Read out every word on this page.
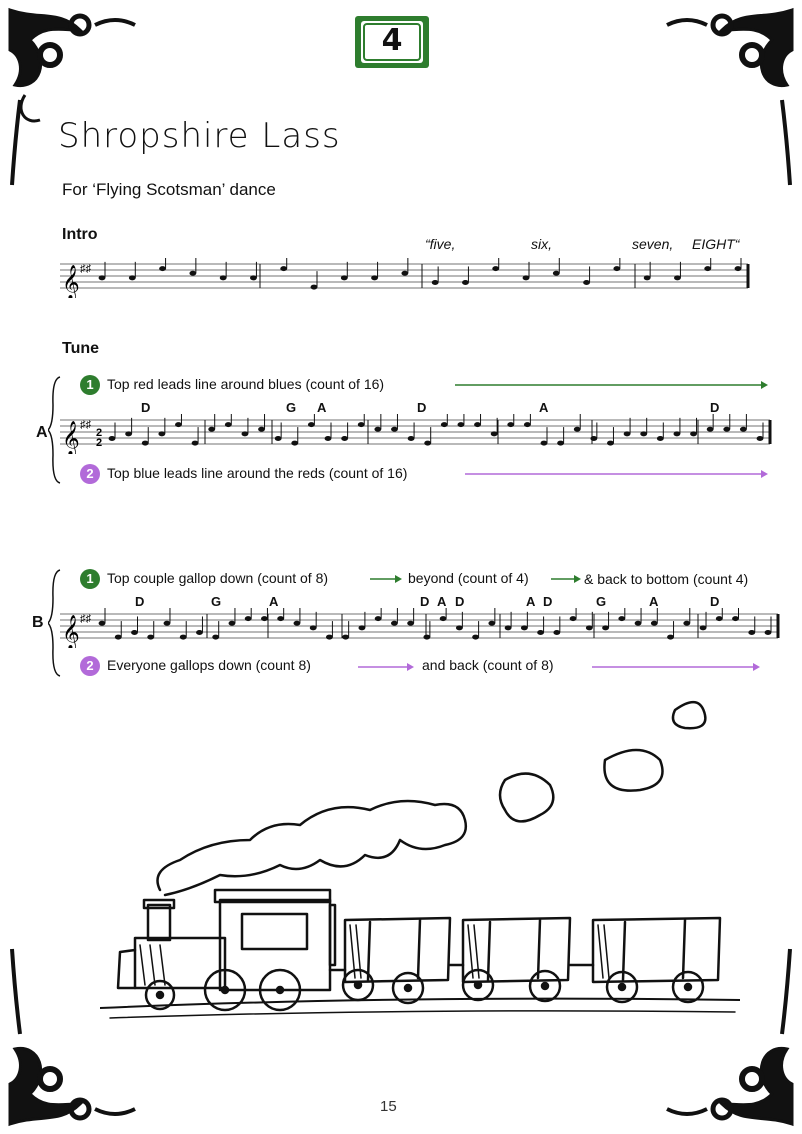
4
Shropshire Lass
For ‘Flying Scotsman’ dance
Intro
“five,	six,	seven, EIGHT“
𝄞 ♯♯
Tune
1 Top red leads line around blues (count of 16)
A
D	G A	D	A	D
𝄞 ♯♯
2
2
2 Top blue leads line around the reds (count of 16)
1 Top couple gallop down (count of 8)	beyond (count of 4)	& back to bottom (count 4)
B
D	G	A	D A D	A D	G	A	D
𝄞 ♯♯
2 Everyone gallops down (count 8)	and back (count of 8)
15
